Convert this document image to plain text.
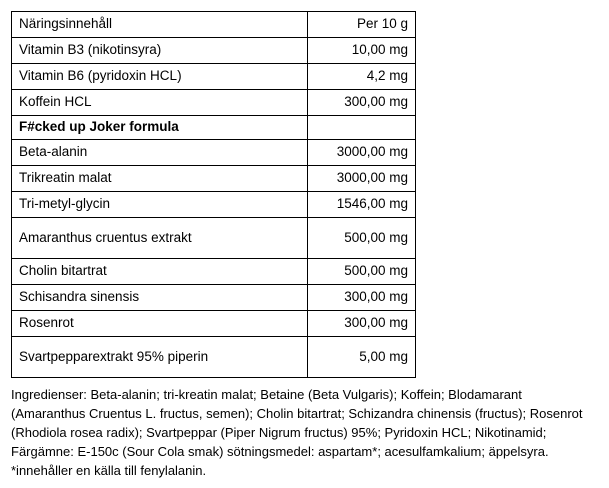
Näringsinnehåll	Per 10 g
Vitamin B3 (nikotinsyra)	10,00 mg
Vitamin B6 (pyridoxin HCL)	4,2 mg
Koffein HCL	300,00 mg
F#cked up Joker formula	
Beta-alanin	3000,00 mg
Trikreatin malat	3000,00 mg
Tri-metyl-glycin	1546,00 mg
Amaranthus cruentus extrakt	500,00 mg
Cholin bitartrat	500,00 mg
Schisandra sinensis	300,00 mg
Rosenrot	300,00 mg
Svartpepparextrakt 95% piperin	5,00 mg
Ingredienser: Beta-alanin; tri-kreatin malat; Betaine (Beta Vulgaris); Koffein; Blodamarant
(Amaranthus Cruentus L. fructus, semen); Cholin bitartrat; Schizandra chinensis (fructus); Rosenrot
(Rhodiola rosea radix); Svartpeppar (Piper Nigrum fructus) 95%; Pyridoxin HCL; Nikotinamid;
Färgämne: E-150c (Sour Cola smak) sötningsmedel: aspartam*; acesulfamkalium; äppelsyra.
*innehåller en källa till fenylalanin.
